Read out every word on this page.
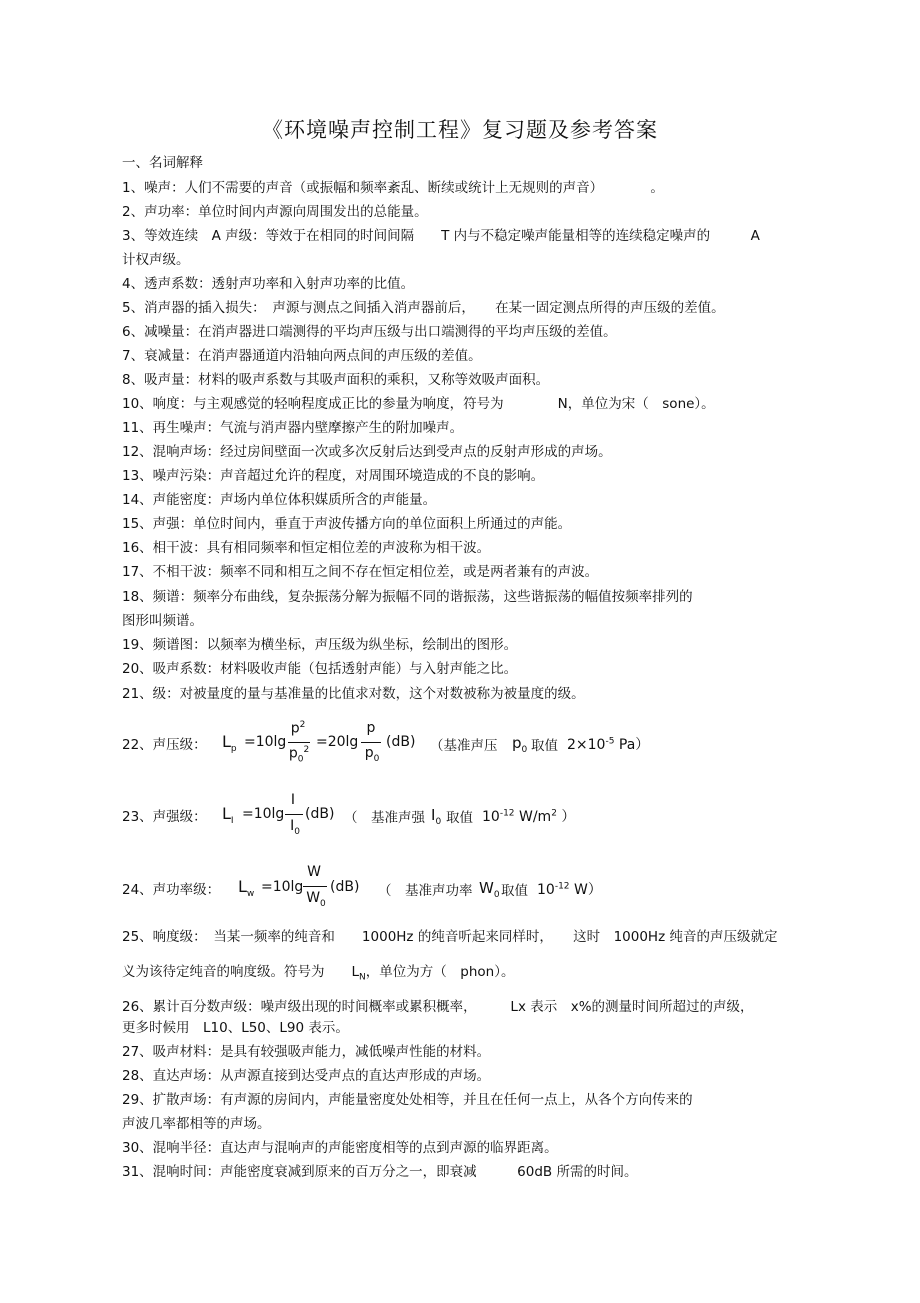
《环境噪声控制工程》复习题及参考答案
一、名词解释
1、噪声：人们不需要的声音（或振幅和频率紊乱、断续或统计上无规则的声音）　　　　。
2、声功率：单位时间内声源向周围发出的总能量。
3、等效连续　A 声级：等效于在相同的时间间隔　　T 内与不稳定噪声能量相等的连续稳定噪声的　　　A
计权声级。
4、透声系数：透射声功率和入射声功率的比值。
5、消声器的插入损失：　声源与测点之间插入消声器前后，　　在某一固定测点所得的声压级的差值。
6、减噪量：在消声器进口端测得的平均声压级与出口端测得的平均声压级的差值。
7、衰减量：在消声器通道内沿轴向两点间的声压级的差值。
8、吸声量：材料的吸声系数与其吸声面积的乘积，又称等效吸声面积。
10、响度：与主观感觉的轻响程度成正比的参量为响度，符号为　　　　N，单位为宋（　sone）。
11、再生噪声：气流与消声器内壁摩擦产生的附加噪声。
12、混响声场：经过房间壁面一次或多次反射后达到受声点的反射声形成的声场。
13、噪声污染：声音超过允许的程度，对周围环境造成的不良的影响。
14、声能密度：声场内单位体积媒质所含的声能量。
15、声强：单位时间内，垂直于声波传播方向的单位面积上所通过的声能。
16、相干波：具有相同频率和恒定相位差的声波称为相干波。
17、不相干波：频率不同和相互之间不存在恒定相位差，或是两者兼有的声波。
18、频谱：频率分布曲线，复杂振荡分解为振幅不同的谐振荡，这些谐振荡的幅值按频率排列的
图形叫频谱。
19、频谱图：以频率为横坐标，声压级为纵坐标，绘制出的图形。
20、吸声系数：材料吸收声能（包括透射声能）与入射声能之比。
21、级：对被量度的量与基准量的比值求对数，这个对数被称为被量度的级。
22、声压级： $L_p =10\lg$
$p^2$
$p_0^2 =20\lg$
p
$p_0$
(dB) （基准声压 $p_0$ 取值 $2\times 10^{-5}$ Pa）
23、声强级： $L_I =10\lg$
I
$I_0$
(dB) （　基准声强 $I_0$ 取值 $10^{-12}$ $W/m^2$ ）
24、声功率级： $L_w =10\lg$
W
$W_0$
(dB) （　基准声功率 $W_0$ 取值 $10^{-12}$ W）
25、响度级：　当某一频率的纯音和　　1000Hz 的纯音听起来同样时，　　这时　1000Hz 纯音的声压级就定
义为该待定纯音的响度级。符号为　　$L_N$，单位为方（　phon）。
26、累计百分数声级：噪声级出现的时间概率或累积概率，　　　Lx 表示　x%的测量时间所超过的声级，
更多时候用　L10、L50、L90 表示。
27、吸声材料：是具有较强吸声能力，减低噪声性能的材料。
28、直达声场：从声源直接到达受声点的直达声形成的声场。
29、扩散声场：有声源的房间内，声能量密度处处相等，并且在任何一点上，从各个方向传来的
声波几率都相等的声场。
30、混响半径：直达声与混响声的声能密度相等的点到声源的临界距离。
31、混响时间：声能密度衰减到原来的百万分之一，即衰减　　　60dB 所需的时间。
